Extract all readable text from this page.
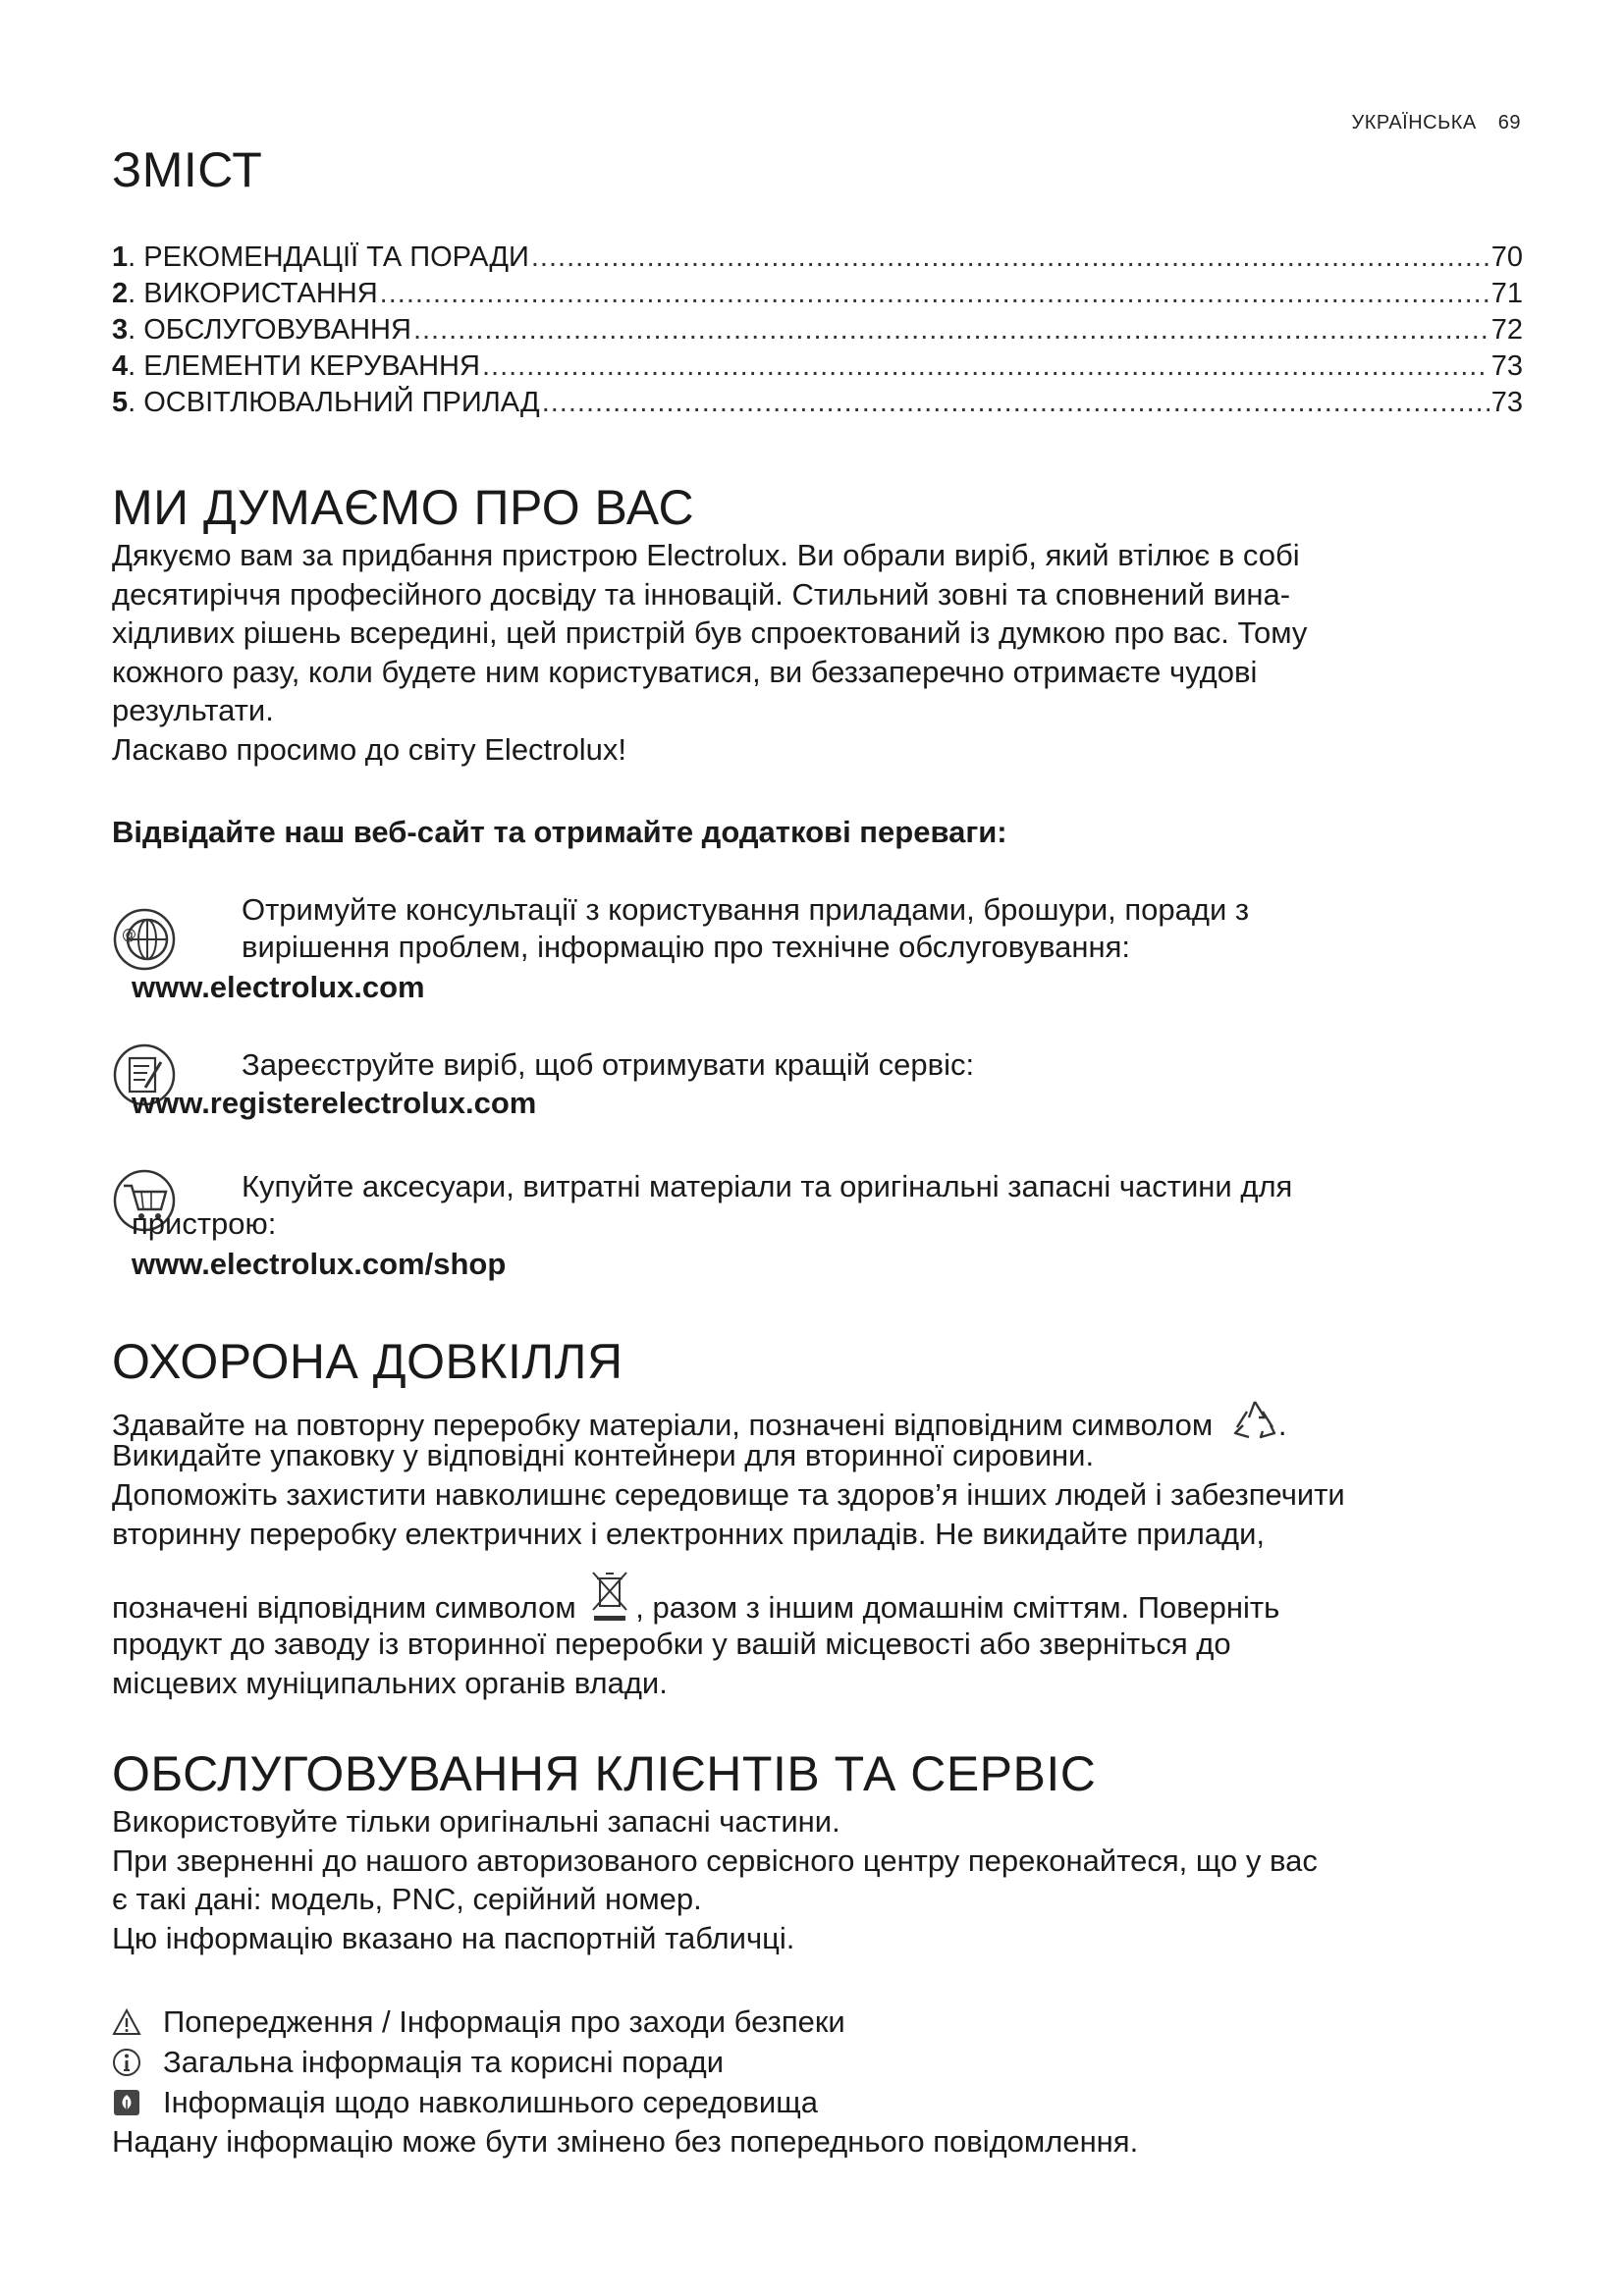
УКРАЇНСЬКА 69
ЗМІСТ
1 . РЕКОМЕНДАЦІЇ ТА ПОРАДИ .....	70
2 . ВИКОРИСТАННЯ .....	71
3 . ОБСЛУГОВУВАННЯ .....	72
4 . ЕЛЕМЕНТИ КЕРУВАННЯ .....	73
5 . ОСВІТЛЮВАЛЬНИЙ ПРИЛАД .....	73
МИ ДУМАЄМО ПРО ВАС
Дякуємо вам за придбання пристрою Electrolux. Ви обрали виріб, який втілює в собі
десятиріччя професійного досвіду та інновацій. Стильний зовні та сповнений вина-
хідливих рішень всередині, цей пристрій був спроектований із думкою про вас. Тому
кожного разу, коли будете ним користуватися, ви беззаперечно отримаєте чудові
результати.
Ласкаво просимо до світу Electrolux!
Відвідайте наш веб-сайт та отримайте додаткові переваги:
@
Отримуйте консультації з користування приладами, брошури, поради з
вирішення проблем, інформацію про технічне обслуговування:
www.electrolux.com
Зареєструйте виріб, щоб отримувати кращій сервіс:
www.registerelectrolux.com
Купуйте аксесуари, витратні матеріали та оригінальні запасні частини для
пристрою:
www.electrolux.com/shop
ОХОРОНА ДОВКІЛЛЯ
Здавайте на повторну переробку матеріали, позначені відповідним символом .
Викидайте упаковку у відповідні контейнери для вторинної сировини.
Допоможіть захистити навколишнє середовище та здоров’я інших людей і забезпечити
вторинну переробку електричних і електронних приладів. Не викидайте прилади,
позначені відповідним символом , разом з іншим домашнім сміттям. Поверніть
продукт до заводу із вторинної переробки у вашій місцевості або зверніться до
місцевих муніципальних органів влади.
ОБСЛУГОВУВАННЯ КЛІЄНТІВ ТА СЕРВІС
Використовуйте тільки оригінальні запасні частини.
При зверненні до нашого авторизованого сервісного центру переконайтеся, що у вас
є такі дані: модель, PNC, серійний номер.
Цю інформацію вказано на паспортній табличці.
Попередження / Інформація про заходи безпеки
Загальна інформація та корисні поради
Інформація щодо навколишнього середовища
Надану інформацію може бути змінено без попереднього повідомлення.
